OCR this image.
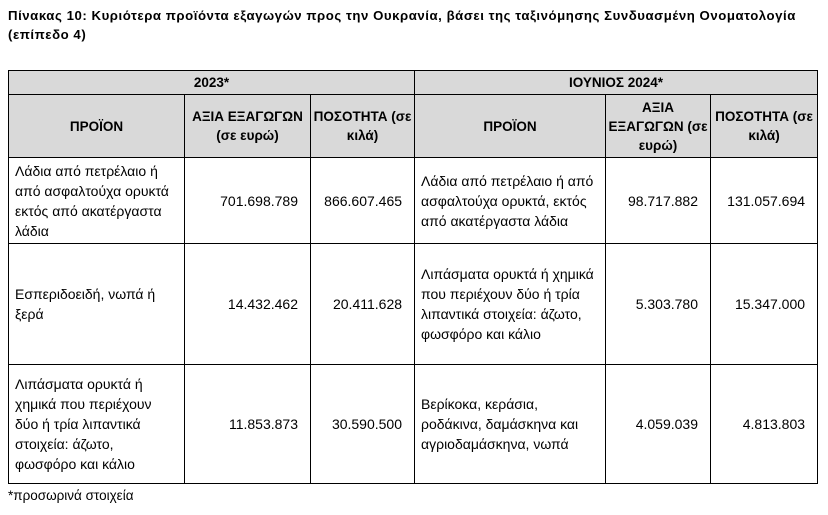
Πίνακας 10: Κυριότερα προϊόντα εξαγωγών προς την Ουκρανία, βάσει της ταξινόμησης Συνδυασμένη Ονοματολογία (επίπεδο 4)
2023*			ΙΟΥΝΙΟΣ 2024*		
ΠΡΟΪΟΝ	ΑΞΙΑ ΕΞΑΓΩΓΩΝ (σε ευρώ)	ΠΟΣΟΤΗΤΑ (σε κιλά)	ΠΡΟΪΟΝ	ΑΞΙΑ ΕΞΑΓΩΓΩΝ (σε ευρώ)	ΠΟΣΟΤΗΤΑ (σε κιλά)

Λάδια από πετρέλαιο ή από ασφαλτούχα ορυκτά εκτός από ακατέργαστα λάδια	701.698.789	866.607.465	Λάδια από πετρέλαιο ή από ασφαλτούχα ορυκτά, εκτός από ακατέργαστα λάδια	98.717.882	131.057.694

Εσπεριδοειδή, νωπά ή ξερά	14.432.462	20.411.628	Λιπάσματα ορυκτά ή χημικά που περιέχουν δύο ή τρία λιπαντικά στοιχεία: άζωτο, φωσφόρο και κάλιο	5.303.780	15.347.000

Λιπάσματα ορυκτά ή χημικά που περιέχουν δύο ή τρία λιπαντικά στοιχεία: άζωτο, φωσφόρο και κάλιο	11.853.873	30.590.500	Βερίκοκα, κεράσια, ροδάκινα, δαμάσκηνα και αγριοδαμάσκηνα, νωπά	4.059.039	4.813.803
*προσωρινά στοιχεία
